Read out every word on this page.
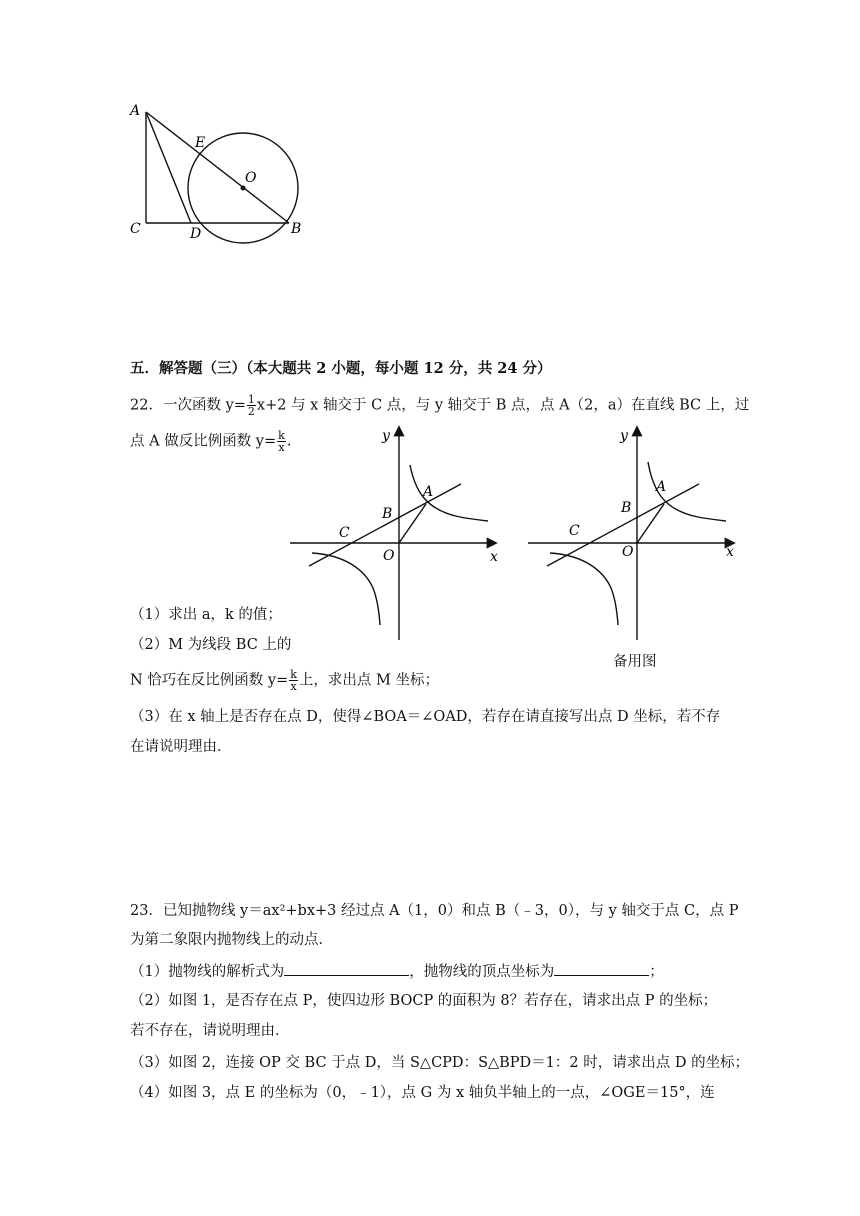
A
E
O
C	D	B
五．解答题（三）（本大题共 2 小题，每小题 12 分，共 24 分）
22．一次函数 $y= \frac{1}{2} x+2$ 与 x 轴交于 C 点，与 y 轴交于 B 点，点 A（2，a）在直线 BC 上，过
点 A 做反比例函数 $y= \frac{k}{x}$ .	y
A
B
C
O	x
y
A
B
C
O	x
备用图
（1）求出 a，k 的值；
（2）M 为线段 BC 上的
N 恰巧在反比例函数 $y= \frac{k}{x}$ 上，求出点 M 坐标；
（3）在 x 轴上是否存在点 D，使得∠BOA＝∠OAD，若存在请直接写出点 D 坐标，若不存
在请说明理由．
23．已知抛物线 y＝ax²+bx+3 经过点 A（1，0）和点 B（﹣3，0），与 y 轴交于点 C，点 P
为第二象限内抛物线上的动点．
（1）抛物线的解析式为	，抛物线的顶点坐标为	；
（2）如图 1，是否存在点 P，使四边形 BOCP 的面积为 8？若存在，请求出点 P 的坐标；
若不存在，请说明理由．
（3）如图 2，连接 OP 交 BC 于点 D，当 S△CPD：S△BPD＝1：2 时，请求出点 D 的坐标；
（4）如图 3，点 E 的坐标为（0，﹣1），点 G 为 x 轴负半轴上的一点，∠OGE＝15°，连
